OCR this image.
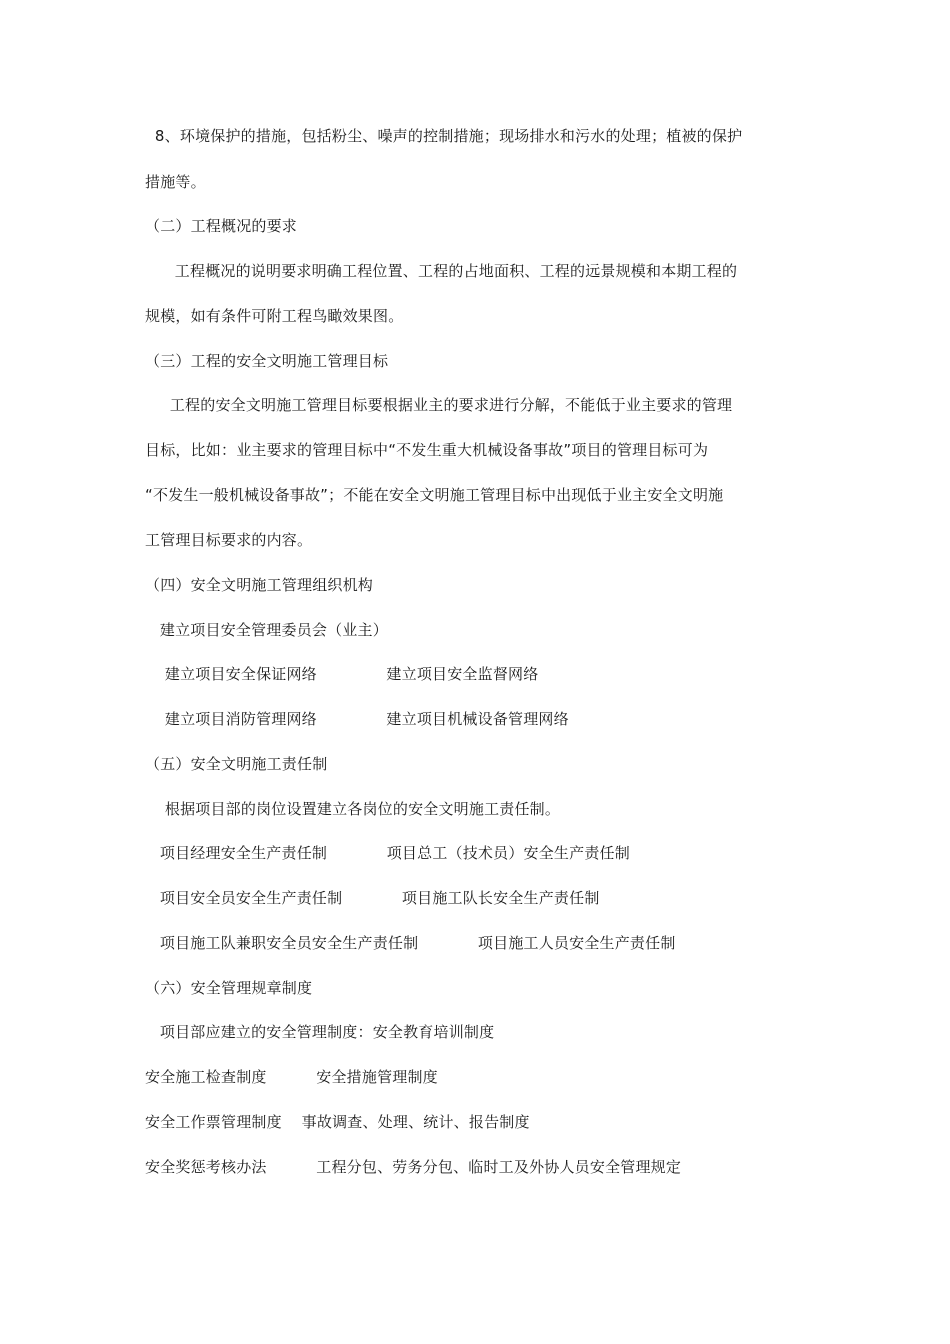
8、环境保护的措施，包括粉尘、噪声的控制措施；现场排水和污水的处理；植被的保护
措施等。
（二）工程概况的要求
工程概况的说明要求明确工程位置、工程的占地面积、工程的远景规模和本期工程的
规模，如有条件可附工程鸟瞰效果图。
（三）工程的安全文明施工管理目标
工程的安全文明施工管理目标要根据业主的要求进行分解，不能低于业主要求的管理
目标，比如：业主要求的管理目标中“不发生重大机械设备事故”项目的管理目标可为
“不发生一般机械设备事故”；不能在安全文明施工管理目标中出现低于业主安全文明施
工管理目标要求的内容。
（四）安全文明施工管理组织机构
建立项目安全管理委员会（业主）
建立项目安全保证网络              建立项目安全监督网络
建立项目消防管理网络              建立项目机械设备管理网络
（五）安全文明施工责任制
根据项目部的岗位设置建立各岗位的安全文明施工责任制。
项目经理安全生产责任制            项目总工（技术员）安全生产责任制
项目安全员安全生产责任制            项目施工队长安全生产责任制
项目施工队兼职安全员安全生产责任制            项目施工人员安全生产责任制
（六）安全管理规章制度
项目部应建立的安全管理制度：安全教育培训制度
安全施工检查制度          安全措施管理制度
安全工作票管理制度    事故调查、处理、统计、报告制度
安全奖惩考核办法          工程分包、劳务分包、临时工及外协人员安全管理规定
